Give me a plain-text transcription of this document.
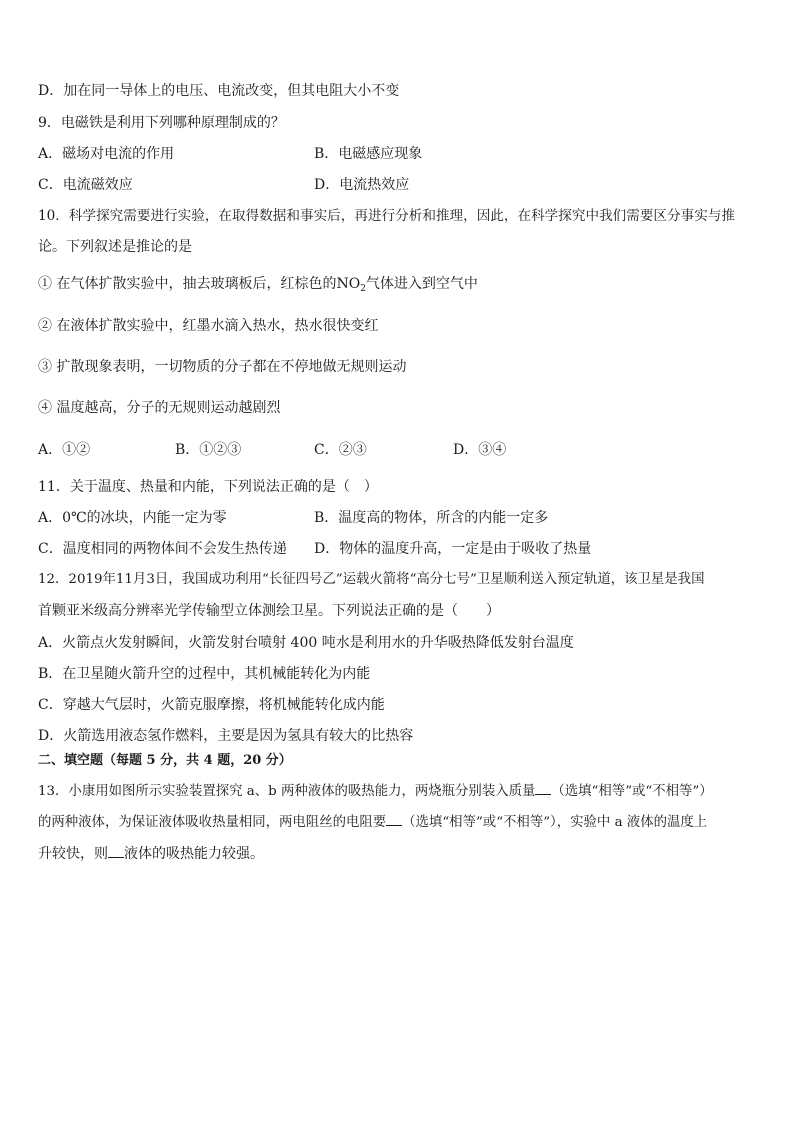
D．加在同一导体上的电压、电流改变，但其电阻大小不变
9．电磁铁是利用下列哪种原理制成的？
A．磁场对电流的作用	B．电磁感应现象
C．电流磁效应	D．电流热效应
10．科学探究需要进行实验，在取得数据和事实后，再进行分析和推理，因此，在科学探究中我们需要区分事实与推
论。下列叙述是推论的是
① 在气体扩散实验中，抽去玻璃板后，红棕色的$NO_2$气体进入到空气中
② 在液体扩散实验中，红墨水滴入热水，热水很快变红
③ 扩散现象表明，一切物质的分子都在不停地做无规则运动
④ 温度越高，分子的无规则运动越剧烈
A．①②	B．①②③	C．②③	D．③④
11．关于温度、热量和内能，下列说法正确的是（　）
A．0℃的冰块，内能一定为零	B．温度高的物体，所含的内能一定多
C．温度相同的两物体间不会发生热传递 D．物体的温度升高，一定是由于吸收了热量
12．2019年11月3日，我国成功利用“长征四号乙”运载火箭将“高分七号”卫星顺利送入预定轨道，该卫星是我国
首颗亚米级高分辨率光学传输型立体测绘卫星。下列说法正确的是（　　）
A．火箭点火发射瞬间，火箭发射台喷射 400 吨水是利用水的升华吸热降低发射台温度
B．在卫星随火箭升空的过程中，其机械能转化为内能
C．穿越大气层时，火箭克服摩擦，将机械能转化成内能
D．火箭选用液态氢作燃料，主要是因为氢具有较大的比热容
二、填空题（每题 5 分，共 4 题，20 分）
13．小康用如图所示实验装置探究 a、b 两种液体的吸热能力，两烧瓶分别装入质量 （选填“相等”或“不相等”）
的两种液体，为保证液体吸收热量相同，两电阻丝的电阻要 （选填“相等”或“不相等”），实验中 a 液体的温度上
升较快，则 液体的吸热能力较强。
